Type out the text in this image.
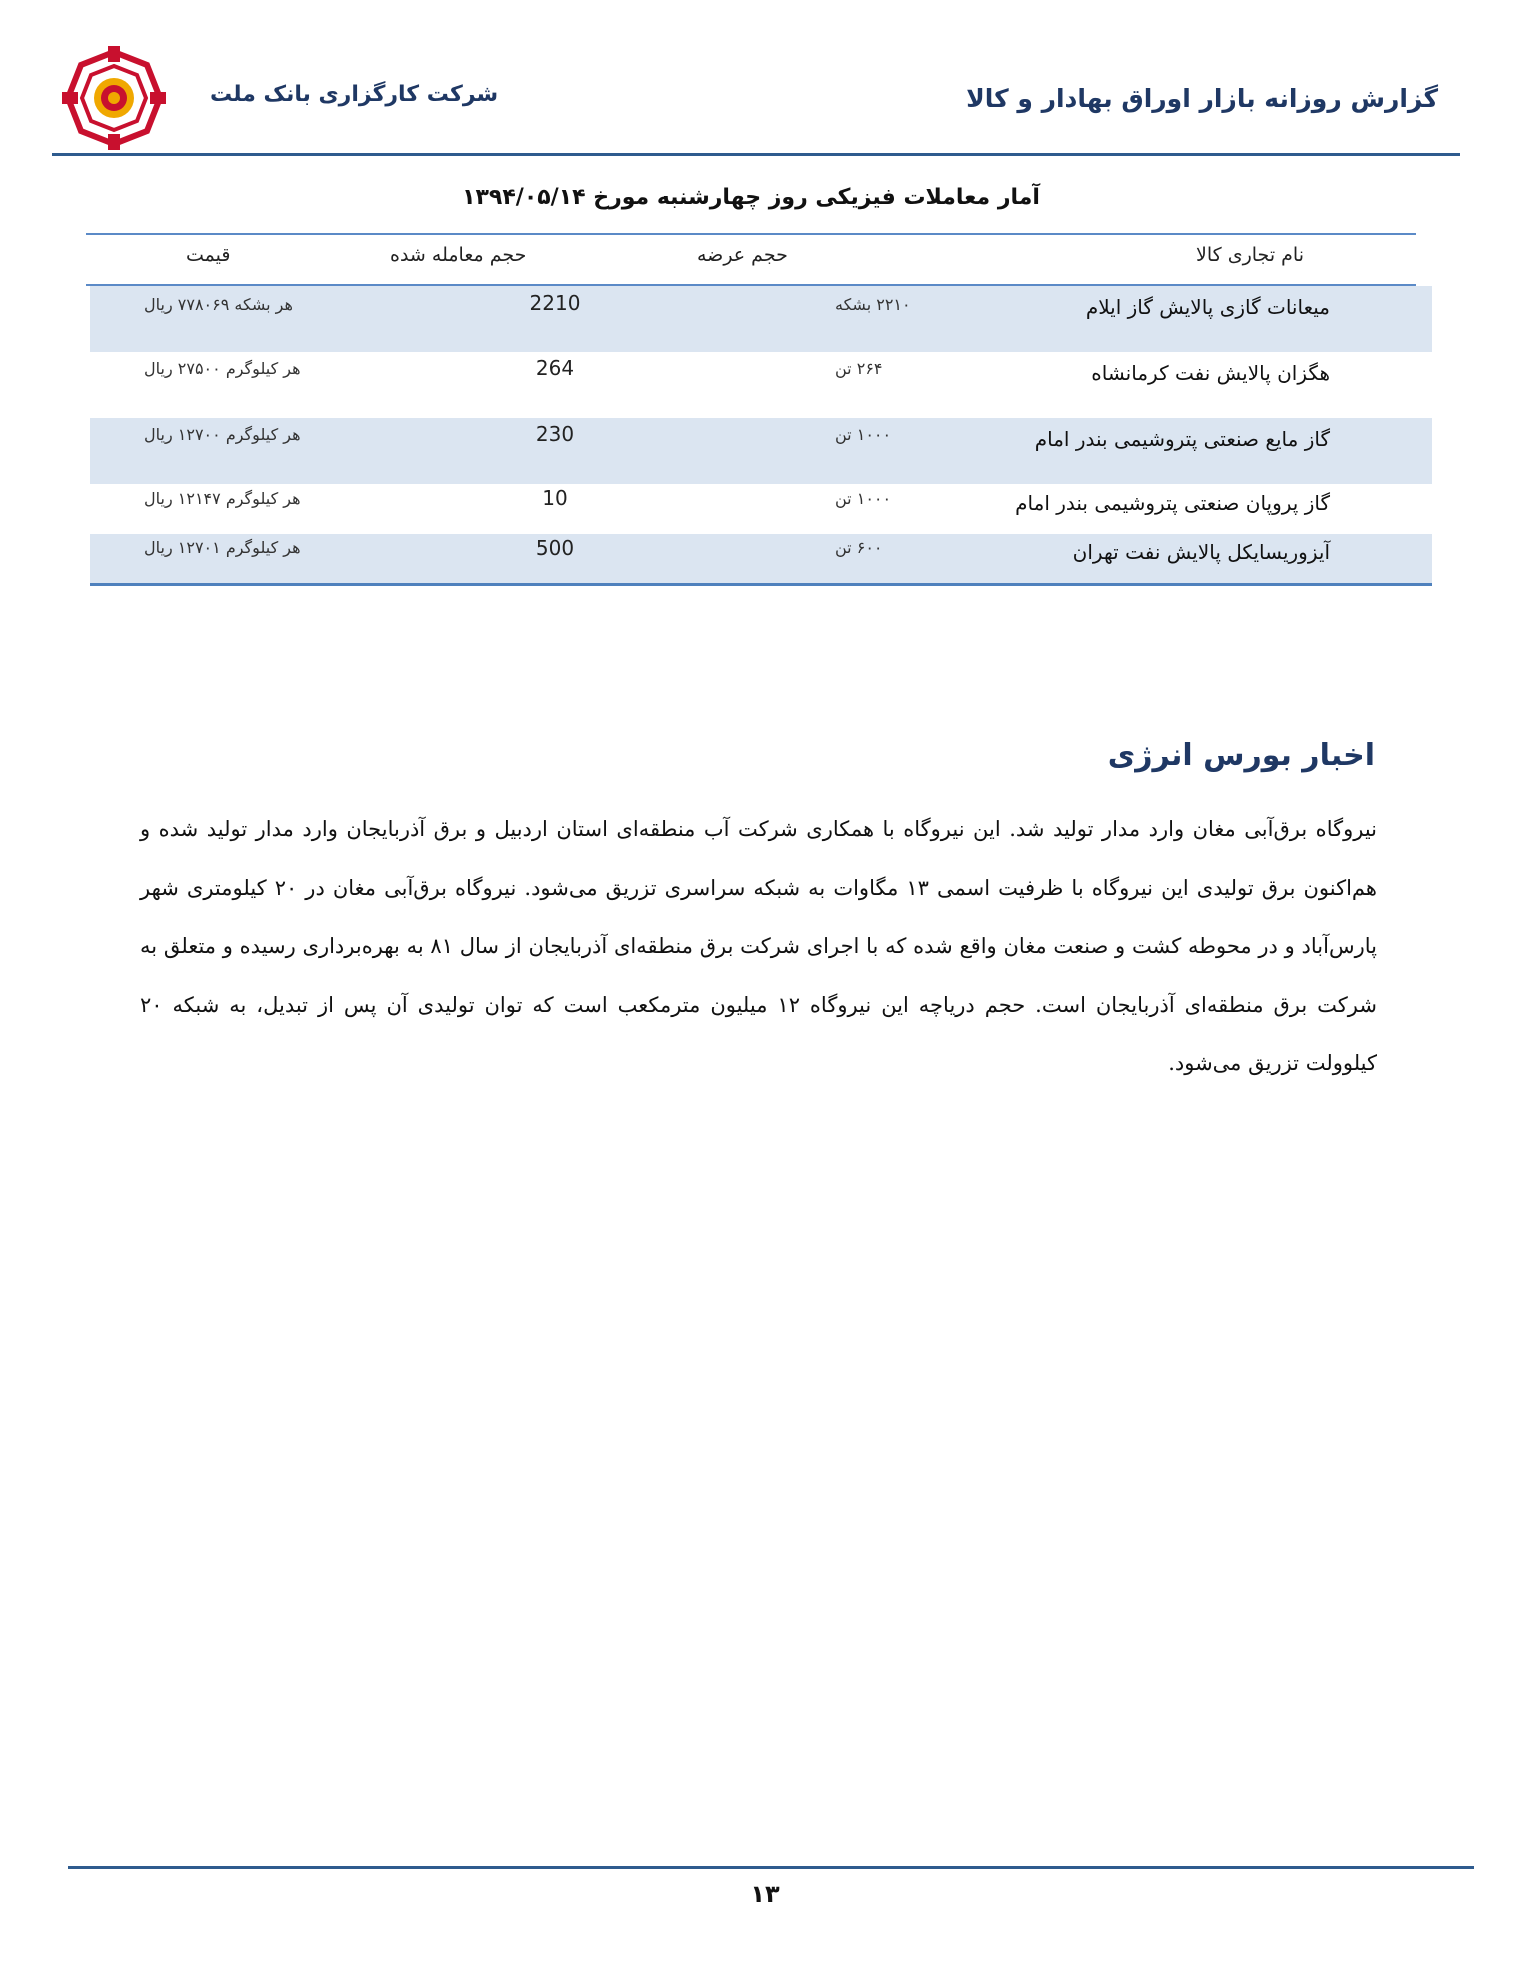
شرکت کارگزاری بانک ملت	گزارش روزانه بازار اوراق بهادار و کالا
آمار معاملات فیزیکی روز چهارشنبه مورخ ۱۳۹۴/۰۵/۱۴
نام تجاری کالا
حجم عرضه
حجم معامله شده
قیمت
میعانات گازی پالایش گاز ایلام
۲۲۱۰ بشکه
2210
هر بشکه ۷۷۸۰۶۹ ریال
هگزان پالایش نفت کرمانشاه
۲۶۴ تن
264
هر کیلوگرم ۲۷۵۰۰ ریال
گاز مایع صنعتی پتروشیمی بندر امام
۱۰۰۰ تن
230
هر کیلوگرم ۱۲۷۰۰ ریال
گاز پروپان صنعتی پتروشیمی بندر امام
۱۰۰۰ تن
10
هر کیلوگرم ۱۲۱۴۷ ریال
آیزوریسایکل پالایش نفت تهران
۶۰۰ تن
500
هر کیلوگرم ۱۲۷۰۱ ریال
اخبار بورس انرژی
نیروگاه برق‌آبی مغان وارد مدار تولید شد. این نیروگاه با همکاری شرکت آب منطقه‌ای استان اردبیل و برق آذربایجان وارد مدار تولید شده و هم‌اکنون برق تولیدی این نیروگاه با ظرفیت اسمی ۱۳ مگاوات به شبکه سراسری تزریق می‌شود. نیروگاه برق‌آبی مغان در ۲۰ کیلومتری شهر پارس‌آباد و در محوطه کشت و صنعت مغان واقع شده که با اجرای شرکت برق منطقه‌ای آذربایجان از سال ۸۱ به بهره‌برداری رسیده و متعلق به شرکت برق منطقه‌ای آذربایجان است. حجم دریاچه این نیروگاه ۱۲ میلیون مترمکعب است که توان تولیدی آن پس از تبدیل، به شبکه ۲۰ کیلوولت تزریق می‌شود.
۱۳
